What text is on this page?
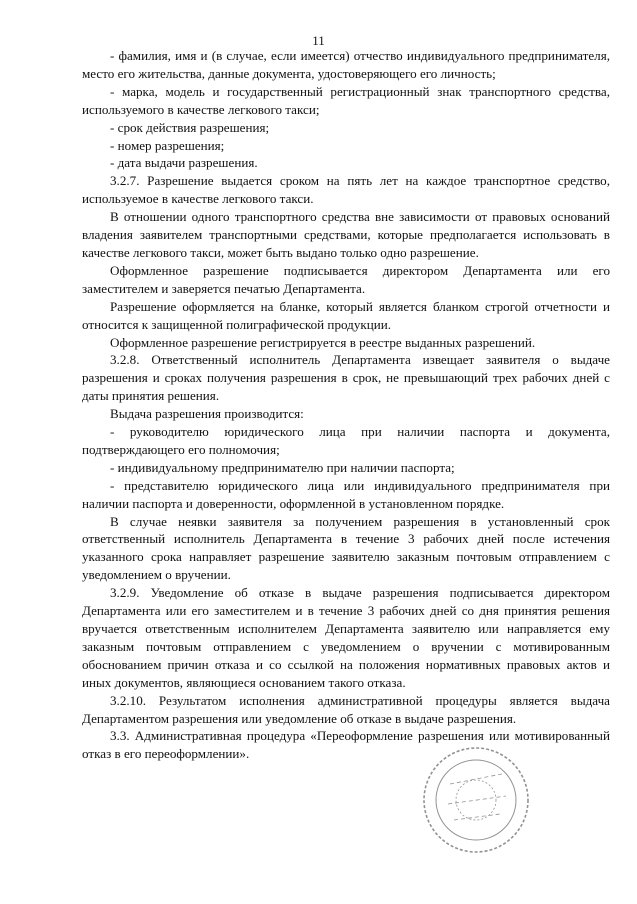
11

- фамилия, имя и (в случае, если имеется) отчество индивидуального предпринимателя, место его жительства, данные документа, удостоверяющего его личность;

- марка, модель и государственный регистрационный знак транспортного средства, используемого в качестве легкового такси;

- срок действия разрешения;

- номер разрешения;

- дата выдачи разрешения.

3.2.7. Разрешение выдается сроком на пять лет на каждое транспортное средство, используемое в качестве легкового такси.

В отношении одного транспортного средства вне зависимости от правовых оснований владения заявителем транспортными средствами, которые предполагается использовать в качестве легкового такси, может быть выдано только одно разрешение.

Оформленное разрешение подписывается директором Департамента или его заместителем и заверяется печатью Департамента.

Разрешение оформляется на бланке, который является бланком строгой отчетности и относится к защищенной полиграфической продукции.

Оформленное разрешение регистрируется в реестре выданных разрешений.

3.2.8. Ответственный исполнитель Департамента извещает заявителя о выдаче разрешения и сроках получения разрешения в срок, не превышающий трех рабочих дней с даты принятия решения.

Выдача разрешения производится:

- руководителю юридического лица при наличии паспорта и документа, подтверждающего его полномочия;

- индивидуальному предпринимателю при наличии паспорта;

- представителю юридического лица или индивидуального предпринимателя при наличии паспорта и доверенности, оформленной в установленном порядке.

В случае неявки заявителя за получением разрешения в установленный срок ответственный исполнитель Департамента в течение 3 рабочих дней после истечения указанного срока направляет разрешение заявителю заказным почтовым отправлением с уведомлением о вручении.

3.2.9. Уведомление об отказе в выдаче разрешения подписывается директором Департамента или его заместителем и в течение 3 рабочих дней со дня принятия решения вручается ответственным исполнителем Департамента заявителю или направляется ему заказным почтовым отправлением с уведомлением о вручении с мотивированным обоснованием причин отказа и со ссылкой на положения нормативных правовых актов и иных документов, являющиеся основанием такого отказа.

3.2.10. Результатом исполнения административной процедуры является выдача Департаментом разрешения или уведомление об отказе в выдаче разрешения.

3.3. Административная процедура «Переоформление разрешения или мотивированный отказ в его переоформлении».
